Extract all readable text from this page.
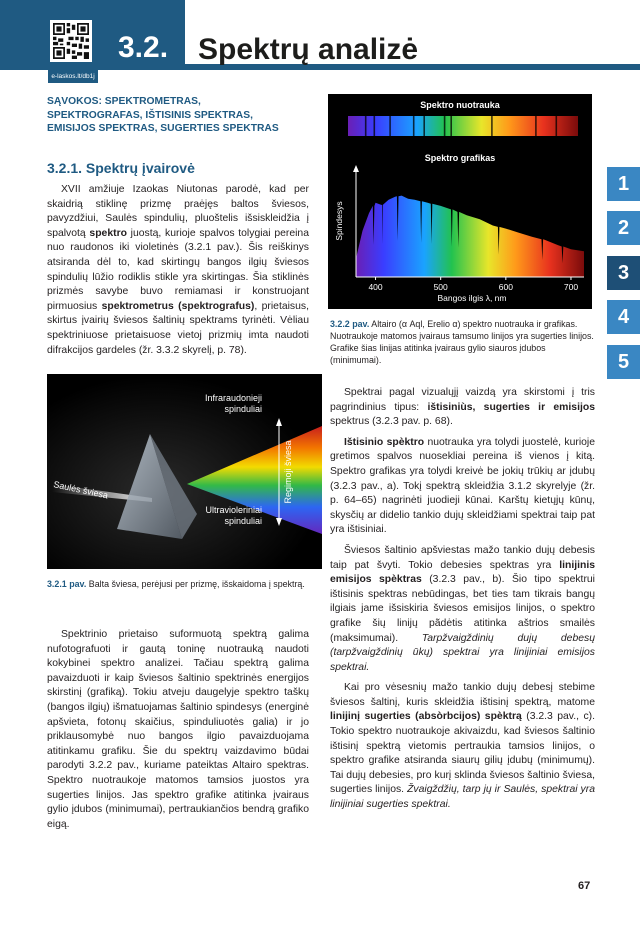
e-laskos.lt/db1j
3.2. Spektrų analizė
1
2
3
4
5
SĄVOKOS: SPEKTROMETRAS, SPEKTROGRAFAS, IŠTISINIS SPEKTRAS, EMISIJOS SPEKTRAS, SUGERTIES SPEKTRAS
3.2.1. Spektrų įvairovė

XVII amžiuje Izaokas Niutonas parodė, kad per skaidrią stiklinę prizmę praėjęs baltos šviesos, pavyzdžiui, Saulės spindulių, pluoštelis išsiskleidžia į spalvotą spektro juostą, kurioje spalvos tolygiai pereina nuo raudonos iki violetinės (3.2.1 pav.). Šis reiškinys atsiranda dėl to, kad skirtingų bangos ilgių šviesos spindulių lūžio rodiklis stikle yra skirtingas. Šia stiklinės prizmės savybe buvo remiamasi ir konstruojant pirmuosius spektrometrus (spektrografus), prietaisus, skirtus įvairių šviesos šaltinių spektrams tyrinėti. Vėliau spektriniuose prietaisuose vietoj prizmių imta naudoti difrakcijos gardeles (žr. 3.3.2 skyrelį, p. 78).

Infraraudonieji
spinduliai
Saulės šviesa
Ultravioleriniai
spinduliai
Regimoji šviesa
3.2.1 pav. Balta šviesa, perėjusi per prizmę, išskaidoma į spektrą.

Spektrinio prietaiso suformuotą spektrą galima nufotografuoti ir gautą toninę nuotrauką naudoti kokybinei spektro analizei. Tačiau spektrą galima pavaizduoti ir kaip šviesos šaltinio spektrinės energijos skirstinį (grafiką). Tokiu atveju daugelyje spektro taškų (bangos ilgių) išmatuojamas šaltinio spindesys (energinė apšvieta, fotonų skaičius, spinduliuotės galia) ir jo priklausomybė nuo bangos ilgio pavaizduojama atitinkamu grafiku. Šie du spektrų vaizdavimo būdai parodyti 3.2.2 pav., kuriame pateiktas Altairo spektras. Spektro nuotraukoje matomos tamsios juostos yra sugerties linijos. Jas spektro grafike atitinka įvairaus gylio įdubos (minimumai), pertraukiančios bendrą grafiko eigą.

Spektro nuotrauka
Spektro grafikas
400	500	600	700
Spindesys
Bangos ilgis λ, nm
3.2.2 pav. Altairo (α Aql, Erelio α) spektro nuotrauka ir grafikas. Nuotraukoje matomos įvairaus tamsumo linijos yra sugerties linijos. Grafike šias linijas atitinka įvairaus gylio siauros įdubos (minimumai).

Spektrai pagal vizualųjį vaizdą yra skirstomi į tris pagrindinius tipus: ištisiniùs, sugerties ir emisijos spektrus (3.2.3 pav. p. 68).

Ištisinio spèktro nuotrauka yra tolydi juostelė, kurioje gretimos spalvos nuosekliai pereina iš vienos į kitą. Spektro grafikas yra tolydi kreivė be jokių trūkių ar įdubų (3.2.3 pav., a). Tokį spektrą skleidžia 3.1.2 skyrelyje (žr. p. 64–65) nagrinėti juodieji kūnai. Karštų kietųjų kūnų, skysčių ar didelio tankio dujų skleidžiami spektrai taip pat yra ištisiniai.

Šviesos šaltinio apšviestas mažo tankio dujų debesis taip pat švyti. Tokio debesies spektras yra linijinis emisijos spèktras (3.2.3 pav., b). Šio tipo spektrui ištisinis spektras nebūdingas, bet ties tam tikrais bangų ilgiais jame išsiskiria šviesos emisijos linijos, o spektro grafike šių linijų pãdėtis atitinka aštrios smailės (maksimumai). Tarpžvaigždinių dujų debesų (tarpžvaigždinių ūkų) spektrai yra linijiniai emisijos spektrai.

Kai pro vėsesnių mažo tankio dujų debesį stebime šviesos šaltinį, kuris skleidžia ištisinį spektrą, matome linijinį sugerties (absòrbcijos) spèktrą (3.2.3 pav., c). Tokio spektro nuotraukoje akivaizdu, kad šviesos šaltinio ištisinį spektrą vietomis pertraukia tamsios linijos, o spektro grafike atsiranda siaurų gilių įdubų (minimumų). Tai dujų debesies, pro kurį sklinda šviesos šaltinio šviesa, sugerties linijos. Žvaigždžių, tarp jų ir Saulės, spektrai yra linijiniai sugerties spektrai.

67
